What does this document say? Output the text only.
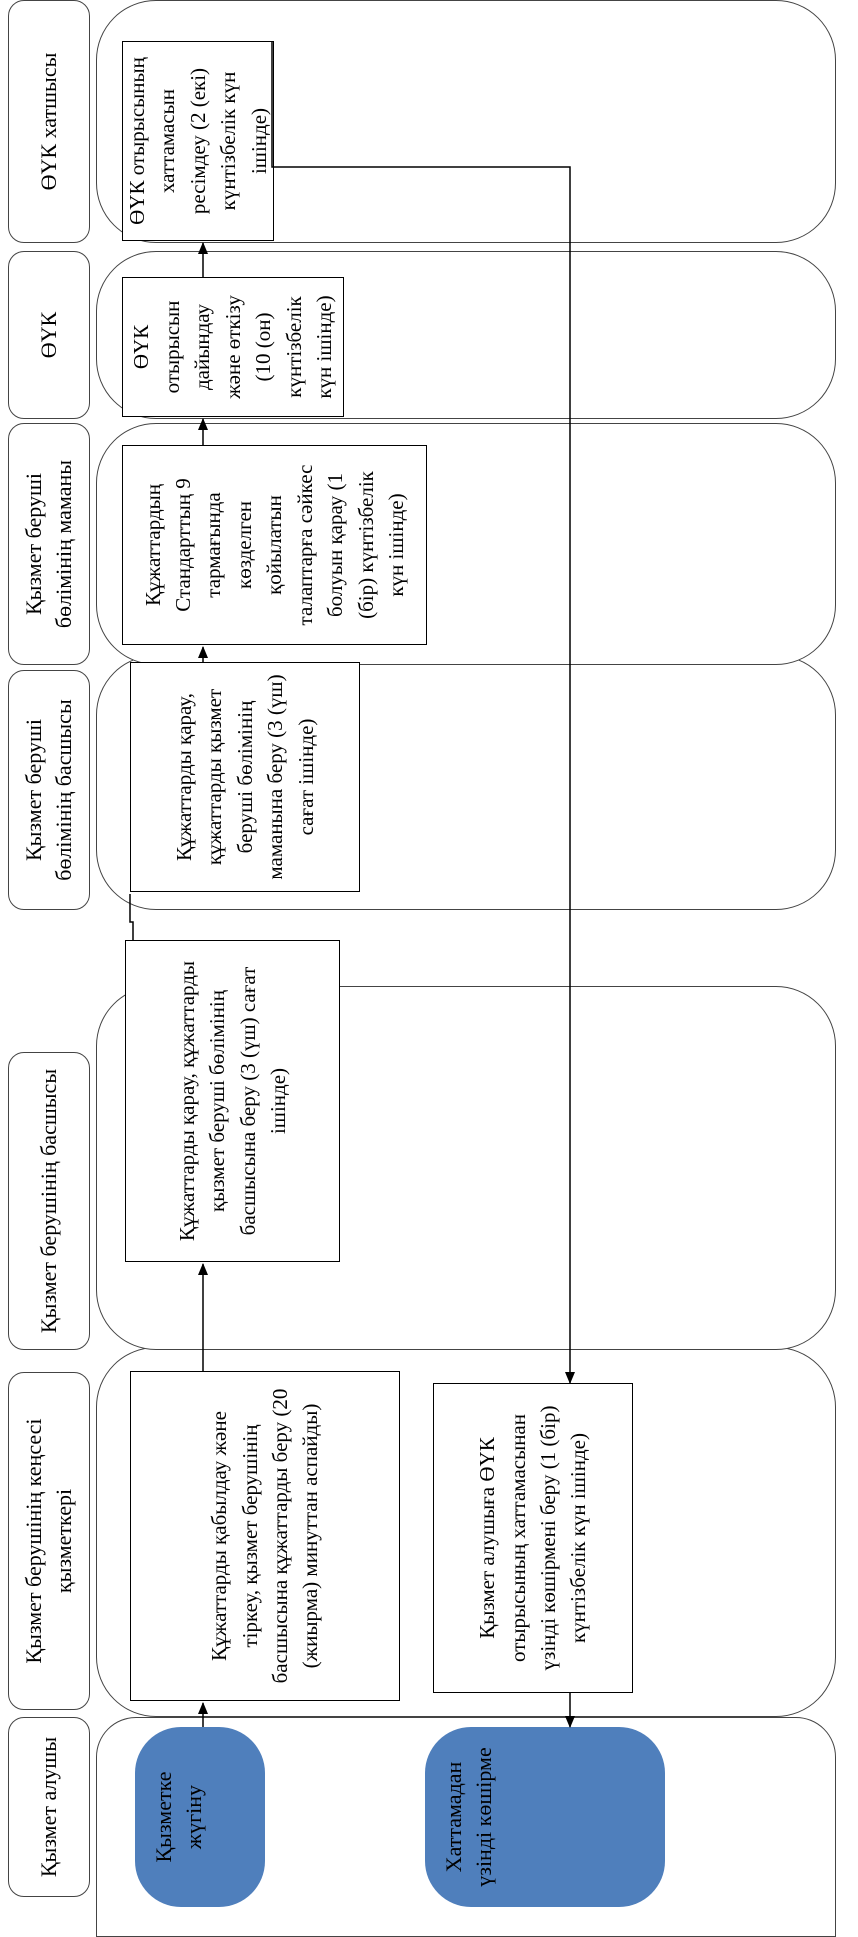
Қызмет алушы
Қызмет берушінің кеңсесі қызметкері
Қызмет берушінің басшысы
Қызмет беруші бөлімінің басшысы
Қызмет беруші бөлімінің маманы
ӨҮК
ӨҮК хатшысы
Қызметке жүгіну
Құжаттарды қабылдау және тіркеу, қызмет берушінің басшысына құжаттарды беру (20 (жиырма) минуттан аспайды)
Құжаттарды қарау, құжаттарды қызмет беруші бөлімінің басшысына беру (3 (үш) сағат ішінде)
Құжаттарды қарау, құжаттарды қызмет беруші бөлімінің маманына беру (3 (үш) сағат ішінде)
Құжаттардың Стандарттың 9 тармағында көзделген қойылатын талаптарға сәйкес болуын қарау (1 (бір) күнтізбелік күн ішінде)
ӨҮК отырысын дайындау және өткізу (10 (он) күнтізбелік күн ішінде)
ӨҮК отырысының хаттамасын ресімдеу (2 (екі) күнтізбелік күн ішінде)
Қызмет алушыға ӨҮК отырысының хаттамасынан үзінді көшірмені беру (1 (бір) күнтізбелік күн ішінде)
Хаттамадан үзінді көшірме
